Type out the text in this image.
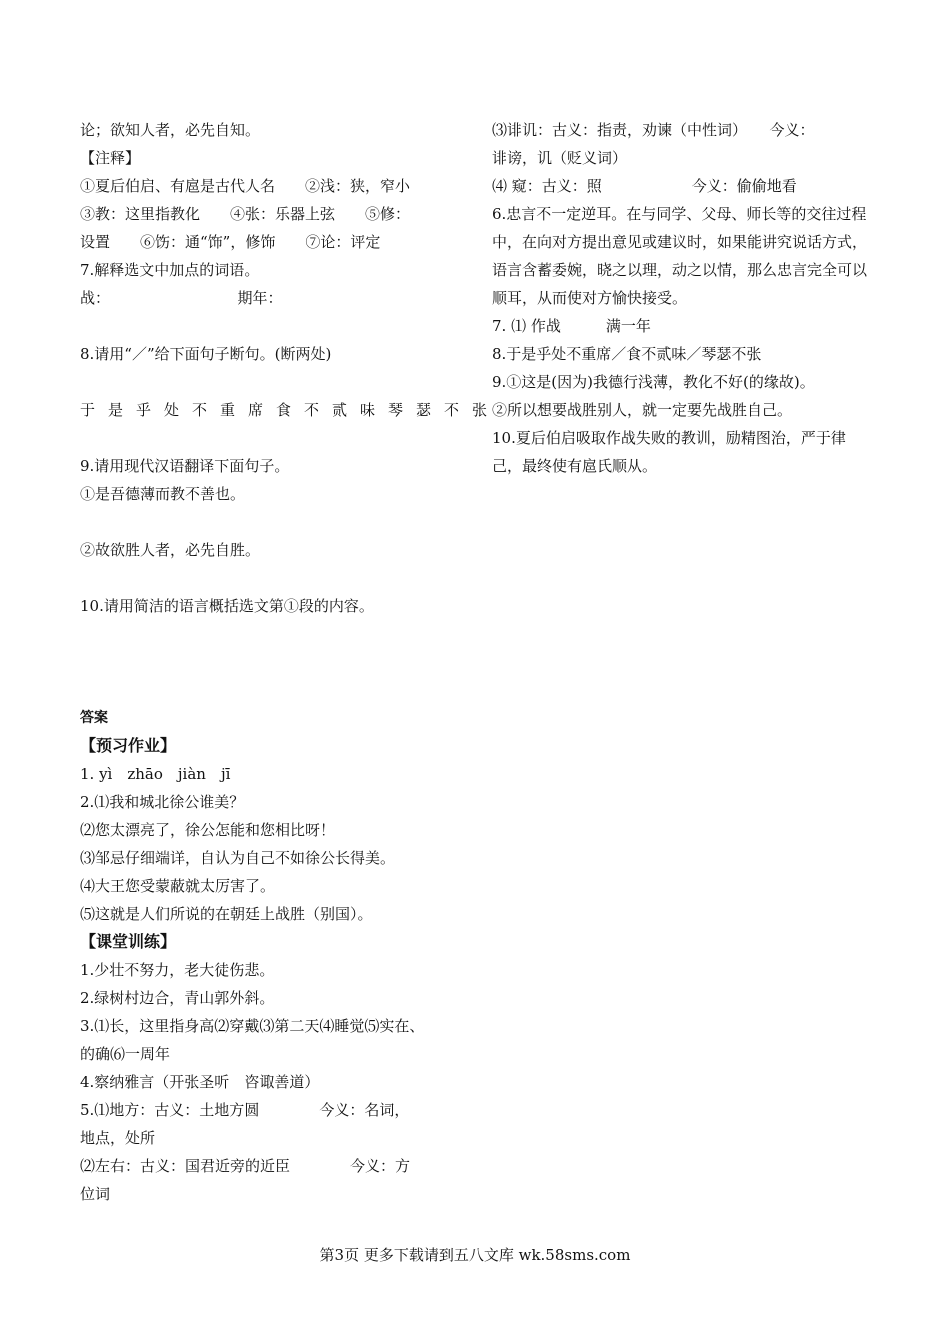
论；欲知人者，必先自知。
【注释】
①夏后伯启、有扈是古代人名　　②浅：狭，窄小
③教：这里指教化　　④张：乐器上弦　　⑤修：
设置　　⑥饬：通“饰”，修饰　　⑦论：评定
7.解释选文中加点的词语。
战：　　　　　　　　　期年：
8.请用“／”给下面句子断句。(断两处)
于是乎处不重席食不贰味琴瑟不张
9.请用现代汉语翻译下面句子。
①是吾德薄而教不善也。
②故欲胜人者，必先自胜。
10.请用简洁的语言概括选文第①段的内容。
答案
【预习作业】
1. yì　zhāo　jiàn　jī
2.⑴我和城北徐公谁美？
⑵您太漂亮了，徐公怎能和您相比呀！
⑶邹忌仔细端详，自认为自己不如徐公长得美。
⑷大王您受蒙蔽就太厉害了。
⑸这就是人们所说的在朝廷上战胜（别国）。
【课堂训练】
1.少壮不努力，老大徒伤悲。
2.绿树村边合，青山郭外斜。
3.⑴长，这里指身高⑵穿戴⑶第二天⑷睡觉⑸实在、
的确⑹一周年
4.察纳雅言（开张圣听　咨诹善道）
5.⑴地方：古义：土地方圆　　　　今义：名词，
地点，处所
⑵左右：古义：国君近旁的近臣　　　　今义：方
位词
⑶诽讥：古义：指责，劝谏（中性词）　　今义：
诽谤，讥（贬义词）
⑷ 窥：古义：照　　　　　　今义：偷偷地看
6.忠言不一定逆耳。在与同学、父母、师长等的交往过程中，在向对方提出意见或建议时，如果能讲究说话方式，语言含蓄委婉，晓之以理，动之以情，那么忠言完全可以顺耳，从而使对方愉快接受。
7. ⑴ 作战　　　满一年
8.于是乎处不重席／食不贰味／琴瑟不张
9.①这是(因为)我德行浅薄，教化不好(的缘故)。
②所以想要战胜别人，就一定要先战胜自己。
10.夏后伯启吸取作战失败的教训，励精图治，严于律己，最终使有扈氏顺从。
第3页 更多下载请到五八文库 wk.58sms.com
